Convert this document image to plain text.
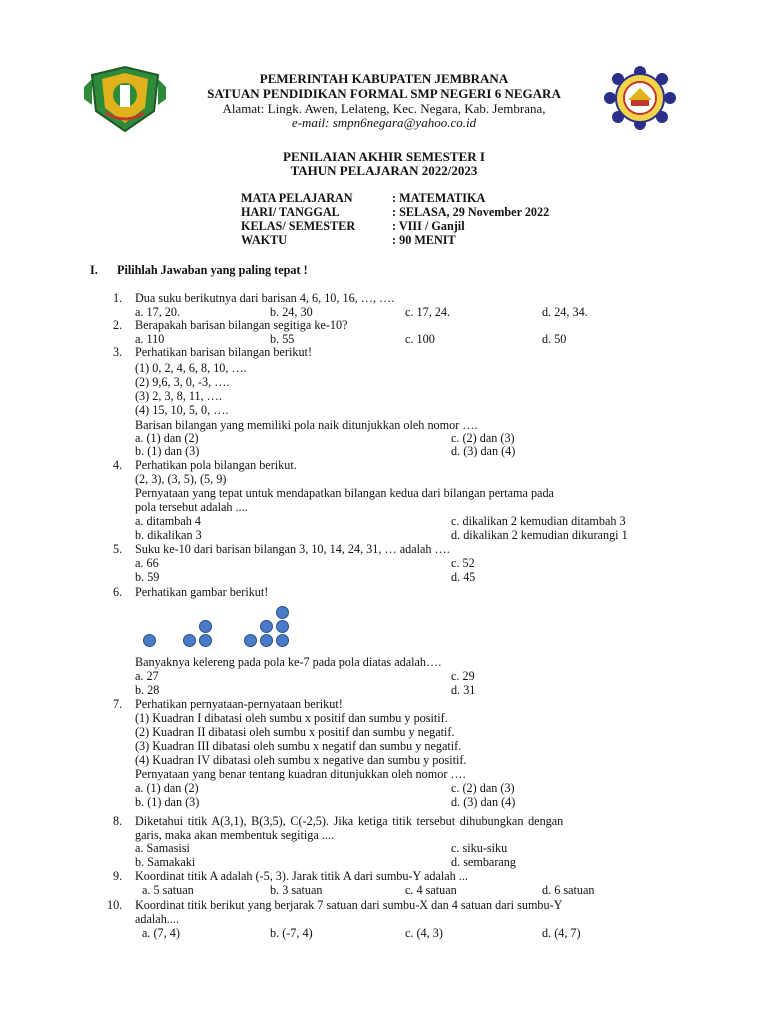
PEMERINTAH KABUPATEN JEMBRANA
SATUAN PENDIDIKAN FORMAL SMP NEGERI 6 NEGARA
Alamat: Lingk. Awen, Lelateng, Kec. Negara, Kab. Jembrana,
e-mail: smpn6negara@yahoo.co.id
PENILAIAN AKHIR SEMESTER I
TAHUN PELAJARAN 2022/2023
MATA PELAJARAN	: MATEMATIKA
HARI/ TANGGAL	: SELASA, 29 November 2022
KELAS/ SEMESTER	: VIII / Ganjil
WAKTU	: 90 MENIT
I. Pilihlah Jawaban yang paling tepat !
1. Dua suku berikutnya dari barisan 4, 6, 10, 16, …, ….
a. 17, 20.	b. 24, 30	c. 17, 24.	d. 24, 34.
2. Berapakah barisan bilangan segitiga ke-10?
a. 110	b. 55	c. 100	d. 50
3. Perhatikan barisan bilangan berikut!
(1) 0, 2, 4, 6, 8, 10, ….
(2) 9,6, 3, 0, -3, ….
(3) 2, 3, 8, 11, ….
(4) 15, 10, 5, 0, ….
Barisan bilangan yang memiliki pola naik ditunjukkan oleh nomor ….
a. (1) dan (2)	c. (2) dan (3)
b. (1) dan (3)	d. (3) dan (4)
4. Perhatikan pola bilangan berikut.
(2, 3), (3, 5), (5, 9)
Pernyataan yang tepat untuk mendapatkan bilangan kedua dari bilangan pertama pada
pola tersebut adalah ....
a. ditambah 4	c. dikalikan 2 kemudian ditambah 3
b. dikalikan 3	d. dikalikan 2 kemudian dikurangi 1
5. Suku ke-10 dari barisan bilangan 3, 10, 14, 24, 31, … adalah ….
a. 66	c. 52
b. 59	d. 45
6. Perhatikan gambar berikut!
Banyaknya kelereng pada pola ke-7 pada pola diatas adalah….
a. 27	c. 29
b. 28	d. 31
7. Perhatikan pernyataan-pernyataan berikut!
(1) Kuadran I dibatasi oleh sumbu x positif dan sumbu y positif.
(2) Kuadran II dibatasi oleh sumbu x positif dan sumbu y negatif.
(3) Kuadran III dibatasi oleh sumbu x negatif dan sumbu y negatif.
(4) Kuadran IV dibatasi oleh sumbu x negative dan sumbu y positif.
Pernyataan yang benar tentang kuadran ditunjukkan oleh nomor ….
a. (1) dan (2)	c. (2) dan (3)
b. (1) dan (3)	d. (3) dan (4)
8. Diketahui titik A(3,1), B(3,5), C(-2,5). Jika ketiga titik tersebut dihubungkan dengan
garis, maka akan membentuk segitiga ....
a. Samasisi	c. siku-siku
b. Samakaki	d. sembarang
9. Koordinat titik A adalah (-5, 3). Jarak titik A dari sumbu-Y adalah ...
a. 5 satuan	b. 3 satuan	c. 4 satuan	d. 6 satuan
10. Koordinat titik berikut yang berjarak 7 satuan dari sumbu-X dan 4 satuan dari sumbu-Y
adalah....
a. (7, 4)	b. (-7, 4)	c. (4, 3)	d. (4, 7)
